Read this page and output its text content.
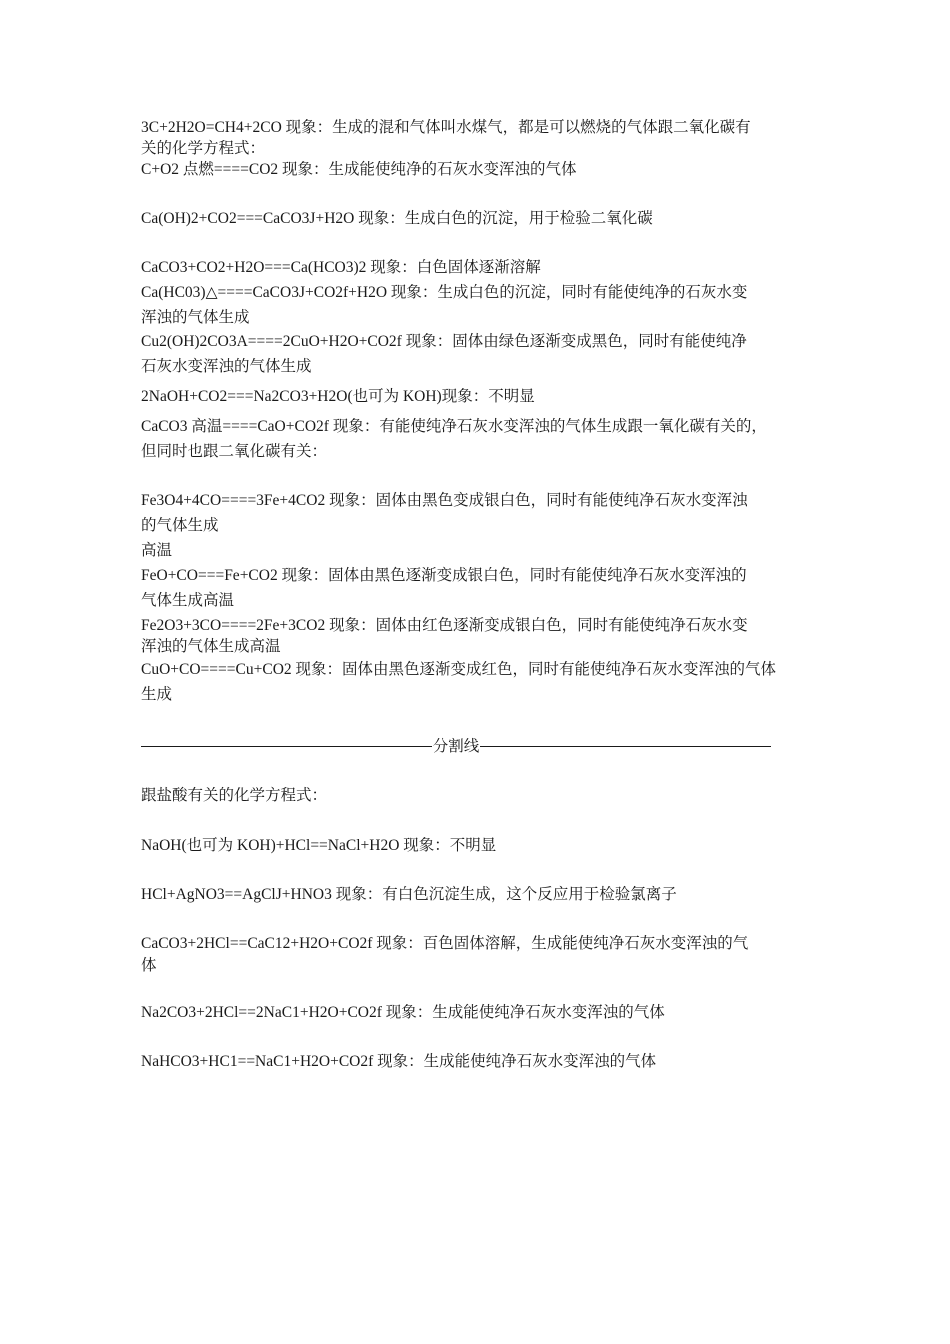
3C+2H2O=CH4+2CO 现象：生成的混和气体叫水煤气，都是可以燃烧的气体跟二氧化碳有

关的化学方程式：

C+O2 点燃====CO2 现象：生成能使纯净的石灰水变浑浊的气体

Ca(OH)2+CO2===CaCO3J+H2O 现象：生成白色的沉淀，用于检验二氧化碳

CaCO3+CO2+H2O===Ca(HCO3)2 现象：白色固体逐渐溶解

Ca(HC03)△====CaCO3J+CO2f+H2O 现象：生成白色的沉淀，同时有能使纯净的石灰水变

浑浊的气体生成

Cu2(OH)2CO3A====2CuO+H2O+CO2f 现象：固体由绿色逐渐变成黑色，同时有能使纯净

石灰水变浑浊的气体生成

2NaOH+CO2===Na2CO3+H2O(也可为 KOH)现象：不明显

CaCO3 高温====CaO+CO2f 现象：有能使纯净石灰水变浑浊的气体生成跟一氧化碳有关的，

但同时也跟二氧化碳有关：

Fe3O4+4CO====3Fe+4CO2 现象：固体由黑色变成银白色，同时有能使纯净石灰水变浑浊

的气体生成

高温

FeO+CO===Fe+CO2 现象：固体由黑色逐渐变成银白色，同时有能使纯净石灰水变浑浊的

气体生成高温

Fe2O3+3CO====2Fe+3CO2 现象：固体由红色逐渐变成银白色，同时有能使纯净石灰水变

浑浊的气体生成高温

CuO+CO====Cu+CO2 现象：固体由黑色逐渐变成红色，同时有能使纯净石灰水变浑浊的气体

生成

分割线

跟盐酸有关的化学方程式：

NaOH(也可为 KOH)+HCl==NaCl+H2O 现象：不明显

HCl+AgNO3==AgClJ+HNO3 现象：有白色沉淀生成，这个反应用于检验氯离子

CaCO3+2HCl==CaC12+H2O+CO2f 现象：百色固体溶解，生成能使纯净石灰水变浑浊的气

体

Na2CO3+2HCl==2NaC1+H2O+CO2f 现象：生成能使纯净石灰水变浑浊的气体

NaHCO3+HC1==NaC1+H2O+CO2f 现象：生成能使纯净石灰水变浑浊的气体
